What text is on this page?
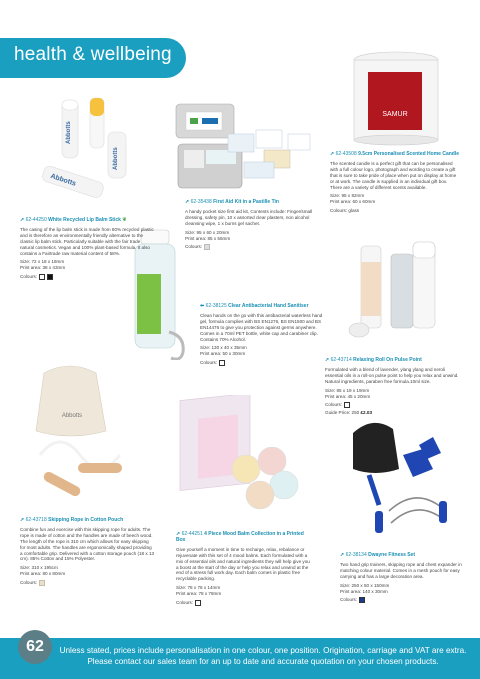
health & wellbeing
Abbotts
Abbotts
Abbotts
SAMUR
Abbotts
➚ 62-44250 White Recycled Lip Balm Stick ❦

The casing of the lip balm stick is made from 80% recycled plastic and is therefore an environmentally friendly alternative to the classic lip balm stick. Particularly suitable with the fair trade natural cosmetics. Vegan and 100% plant-based formula. It also contains a Fairtrade raw material content of 58%.

Size: 72 x 18 x 18mm
Print area: 38 x 43mm
Colours:
➚ 62-35438 First Aid Kit in a Pastille Tin

A handy pocket size first aid kit, Contents include: Finger/small dressing, safety pin, 10 x assorted clear plasters, non alcohol cleansing wipe, 1 x burns gel sachet.

Size: 95 x 60 x 20mm
Print area: 85 x 55mm
Colours:
➚ 62-43508 9.5cm Personalised Scented Home Candle

The scented candle is a perfect gift that can be personalised with a full colour logo, photograph and wording to create a gift that is sure to take pride of place when put on display at home or at work. The candle is supplied in an individual gift box. There are a variety of different scents available.

Size: 95 x 82mm
Print area: 60 x 60mm
Colours: glass
⬅ 62-38125 Clear Antibacterial Hand Sanitiser

Clean hands on the go with this antibacterial waterless hand gel, formula complies with BS EN1276, BS EN1500 and BS EN14476 to give you protection against germs anywhere. Comes in a 70ml PET bottle, white cap and carabiner clip. Contains 70% Alcohol.

Size: 130 x 40 x 35mm
Print area: 50 x 30mm
Colours:	➚ 62-43714 Relaxing Roll On Pulse Point

Formulated with a blend of lavender, ylang ylang and neroli essential oils in a roll-on pulse point to help you relax and unwind. Natural ingredients, paraben free formula.10ml size.

Size: 85 x 19 x 19mm
Print area: 45 x 20mm
Colours:
Guide Price: 250 £2.03
➚ 62-43718 Skipping Rope in Cotton Pouch

Combine fun and exercise with this skipping rope for adults. The rope is made of cotton and the handles are made of beech wood. The length of the rope is 310 cm which allows for easy skipping for most adults. The handles are ergonomically shaped providing a comfortable grip. Delivered with a cotton storage pouch (18 x 13 cm). 85% Cotton and 15% Polyester.

Size: 310 x 195cm
Print area: 80 x 80mm
Colours:
➚ 62-44251 4 Piece Mood Balm Collection in a Printed Box

Give yourself a moment in time to recharge, relax, rebalance or rejuvenate with this set of 4 mood balms. Each formulated with a mix of essential oils and natural ingredients they will help give you a boost at the start of the day or help you relax and unwind at the end of a stress full work day. Each balm comes in plastic free recyclable packing.

Size: 78 x 78 x 14mm
Print area: 78 x 78mm
Colours:
➚ 62-38134 Dwayne Fitness Set

Two hand grip trainers, skipping rope and chest expander in matching colour material. Comes in a mesh pouch for easy carrying and has a large decoration area.

Size: 250 x 50 x 150mm
Print area: 140 x 30mm
Colours:
62	Unless stated, prices include personalisation in one colour, one position. Origination, carriage and VAT are extra.
Please contact our sales team for an up to date and accurate quotation on your chosen products.
